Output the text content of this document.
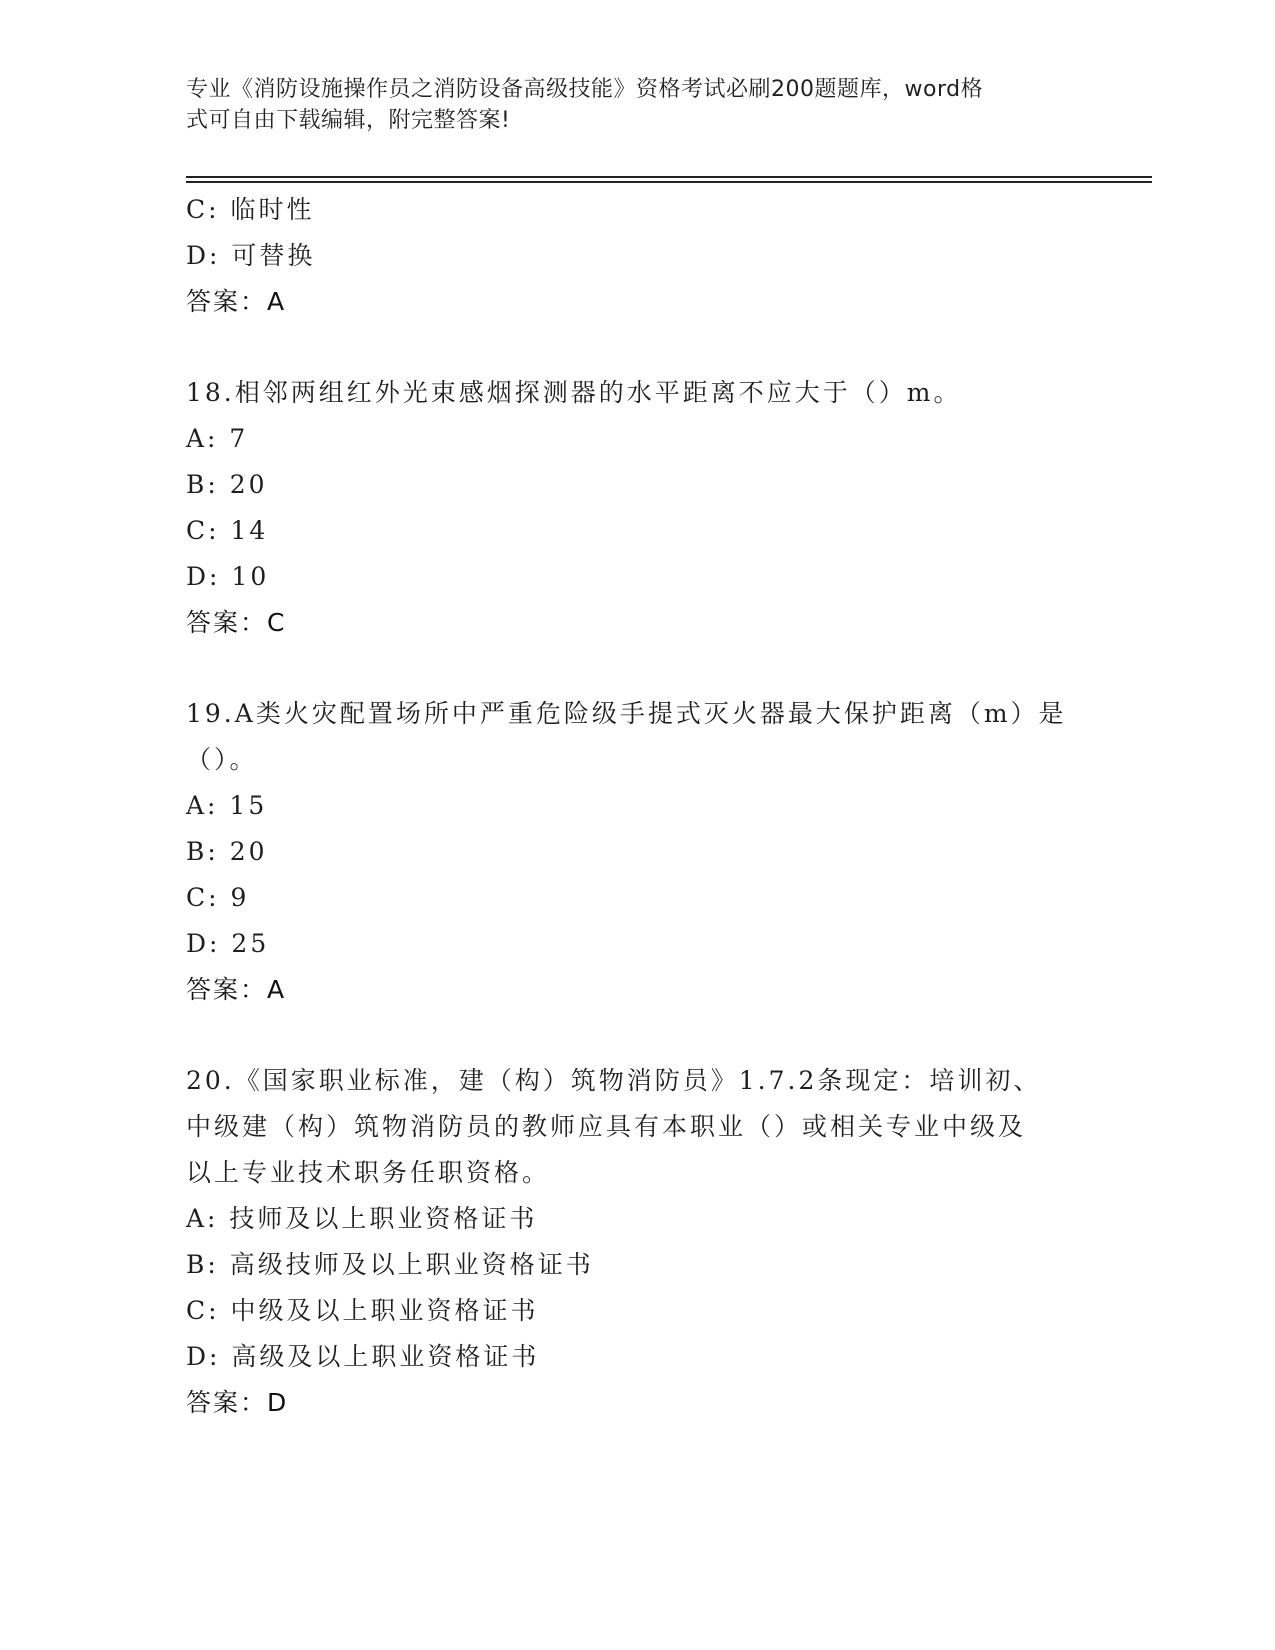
专业《消防设施操作员之消防设备高级技能》资格考试必刷200题题库，word格
式可自由下载编辑，附完整答案!
C: 临时性
D: 可替换
答案：A
18.相邻两组红外光束感烟探测器的水平距离不应大于（）m。
A: 7
B: 20
C: 14
D: 10
答案：C
19.A类火灾配置场所中严重危险级手提式灭火器最大保护距离（m）是
（）。
A: 15
B: 20
C: 9
D: 25
答案：A
20.《国家职业标准，建（构）筑物消防员》1.7.2条现定：培训初、
中级建（构）筑物消防员的教师应具有本职业（）或相关专业中级及
以上专业技术职务任职资格。
A: 技师及以上职业资格证书
B: 高级技师及以上职业资格证书
C: 中级及以上职业资格证书
D: 高级及以上职业资格证书
答案：D
